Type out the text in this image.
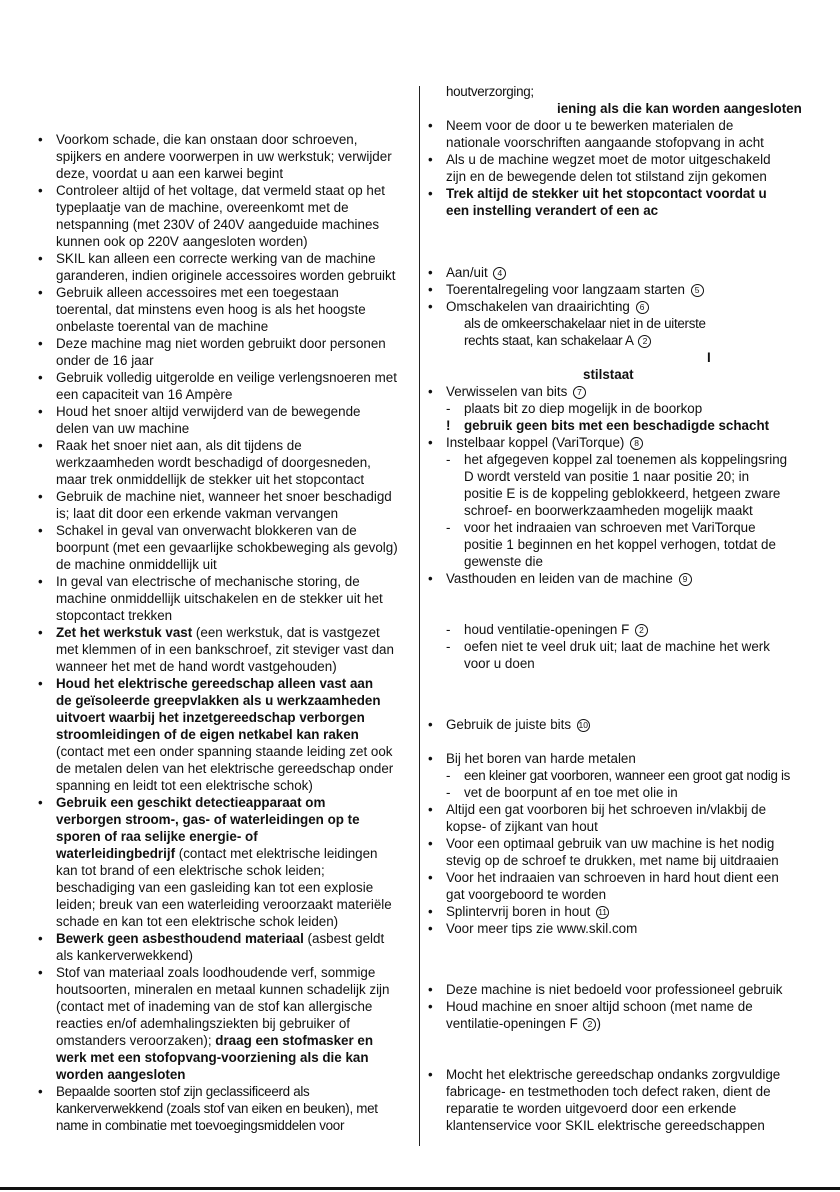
• Voorkom schade, die kan onstaan door schroeven,
spijkers en andere voorwerpen in uw werkstuk; verwijder
deze, voordat u aan een karwei begint
• Controleer altijd of het voltage, dat vermeld staat op het
typeplaatje van de machine, overeenkomt met de
netspanning (met 230V of 240V aangeduide machines
kunnen ook op 220V aangesloten worden)
• SKIL kan alleen een correcte werking van de machine
garanderen, indien originele accessoires worden gebruikt
• Gebruik alleen accessoires met een toegestaan
toerental, dat minstens even hoog is als het hoogste
onbelaste toerental van de machine
• Deze machine mag niet worden gebruikt door personen
onder de 16 jaar
• Gebruik volledig uitgerolde en veilige verlengsnoeren met
een capaciteit van 16 Ampère
• Houd het snoer altijd verwijderd van de bewegende
delen van uw machine
• Raak het snoer niet aan, als dit tijdens de
werkzaamheden wordt beschadigd of doorgesneden,
maar trek onmiddellijk de stekker uit het stopcontact
• Gebruik de machine niet, wanneer het snoer beschadigd
is; laat dit door een erkende vakman vervangen
• Schakel in geval van onverwacht blokkeren van de
boorpunt (met een gevaarlijke schokbeweging als gevolg)
de machine onmiddellijk uit
• In geval van electrische of mechanische storing, de
machine onmiddellijk uitschakelen en de stekker uit het
stopcontact trekken
• Zet het werkstuk vast (een werkstuk, dat is vastgezet
met klemmen of in een bankschroef, zit steviger vast dan
wanneer het met de hand wordt vastgehouden)
• Houd het elektrische gereedschap alleen vast aan
de geïsoleerde greepvlakken als u werkzaamheden
uitvoert waarbij het inzetgereedschap verborgen
stroomleidingen of de eigen netkabel kan raken
(contact met een onder spanning staande leiding zet ook
de metalen delen van het elektrische gereedschap onder
spanning en leidt tot een elektrische schok)
• Gebruik een geschikt detectieapparaat om
verborgen stroom-, gas- of waterleidingen op te
sporen of raa selijke energie- of
waterleidingbedrijf (contact met elektrische leidingen
kan tot brand of een elektrische schok leiden;
beschadiging van een gasleiding kan tot een explosie
leiden; breuk van een waterleiding veroorzaakt materiële
schade en kan tot een elektrische schok leiden)
• Bewerk geen asbesthoudend materiaal (asbest geldt
als kankerverwekkend)
• Stof van materiaal zoals loodhoudende verf, sommige
houtsoorten, mineralen en metaal kunnen schadelijk zijn
(contact met of inademing van de stof kan allergische
reacties en/of ademhalingsziekten bij gebruiker of
omstanders veroorzaken); draag een stofmasker en
werk met een stofopvang-voorziening als die kan
worden aangesloten
• Bepaalde soorten stof zijn geclassificeerd als
kankerverwekkend (zoals stof van eiken en beuken), met
name in combinatie met toevoegingsmiddelen voor
houtverzorging;
iening als die kan worden aangesloten
• Neem voor de door u te bewerken materialen de
nationale voorschriften aangaande stofopvang in acht
• Als u de machine wegzet moet de motor uitgeschakeld
zijn en de bewegende delen tot stilstand zijn gekomen
• Trek altijd de stekker uit het stopcontact voordat u
een instelling verandert of een ac
• Aan/uit 4
• Toerentalregeling voor langzaam starten 5
• Omschakelen van draairichting 6
als de omkeerschakelaar niet in de uiterste
rechts staat, kan schakelaar A 2
I
stilstaat
• Verwisselen van bits 7
- plaats bit zo diep mogelijk in de boorkop
! gebruik geen bits met een beschadigde schacht
• Instelbaar koppel (VariTorque) 8
- het afgegeven koppel zal toenemen als koppelingsring
D wordt versteld van positie 1 naar positie 20; in
positie E is de koppeling geblokkeerd, hetgeen zware
schroef- en boorwerkzaamheden mogelijk maakt
- voor het indraaien van schroeven met VariTorque
positie 1 beginnen en het koppel verhogen, totdat de
gewenste die
• Vasthouden en leiden van de machine 9
- houd ventilatie-openingen F 2
- oefen niet te veel druk uit; laat de machine het werk
voor u doen
• Gebruik de juiste bits 10
• Bij het boren van harde metalen
- een kleiner gat voorboren, wanneer een groot gat nodig is
- vet de boorpunt af en toe met olie in
• Altijd een gat voorboren bij het schroeven in/vlakbij de
kopse- of zijkant van hout
• Voor een optimaal gebruik van uw machine is het nodig
stevig op de schroef te drukken, met name bij uitdraaien
• Voor het indraaien van schroeven in hard hout dient een
gat voorgeboord te worden
• Splintervrij boren in hout 11
• Voor meer tips zie www.skil.com
• Deze machine is niet bedoeld voor professioneel gebruik
• Houd machine en snoer altijd schoon (met name de
ventilatie-openingen F 2 )
• Mocht het elektrische gereedschap ondanks zorgvuldige
fabricage- en testmethoden toch defect raken, dient de
reparatie te worden uitgevoerd door een erkende
klantenservice voor SKIL elektrische gereedschappen
